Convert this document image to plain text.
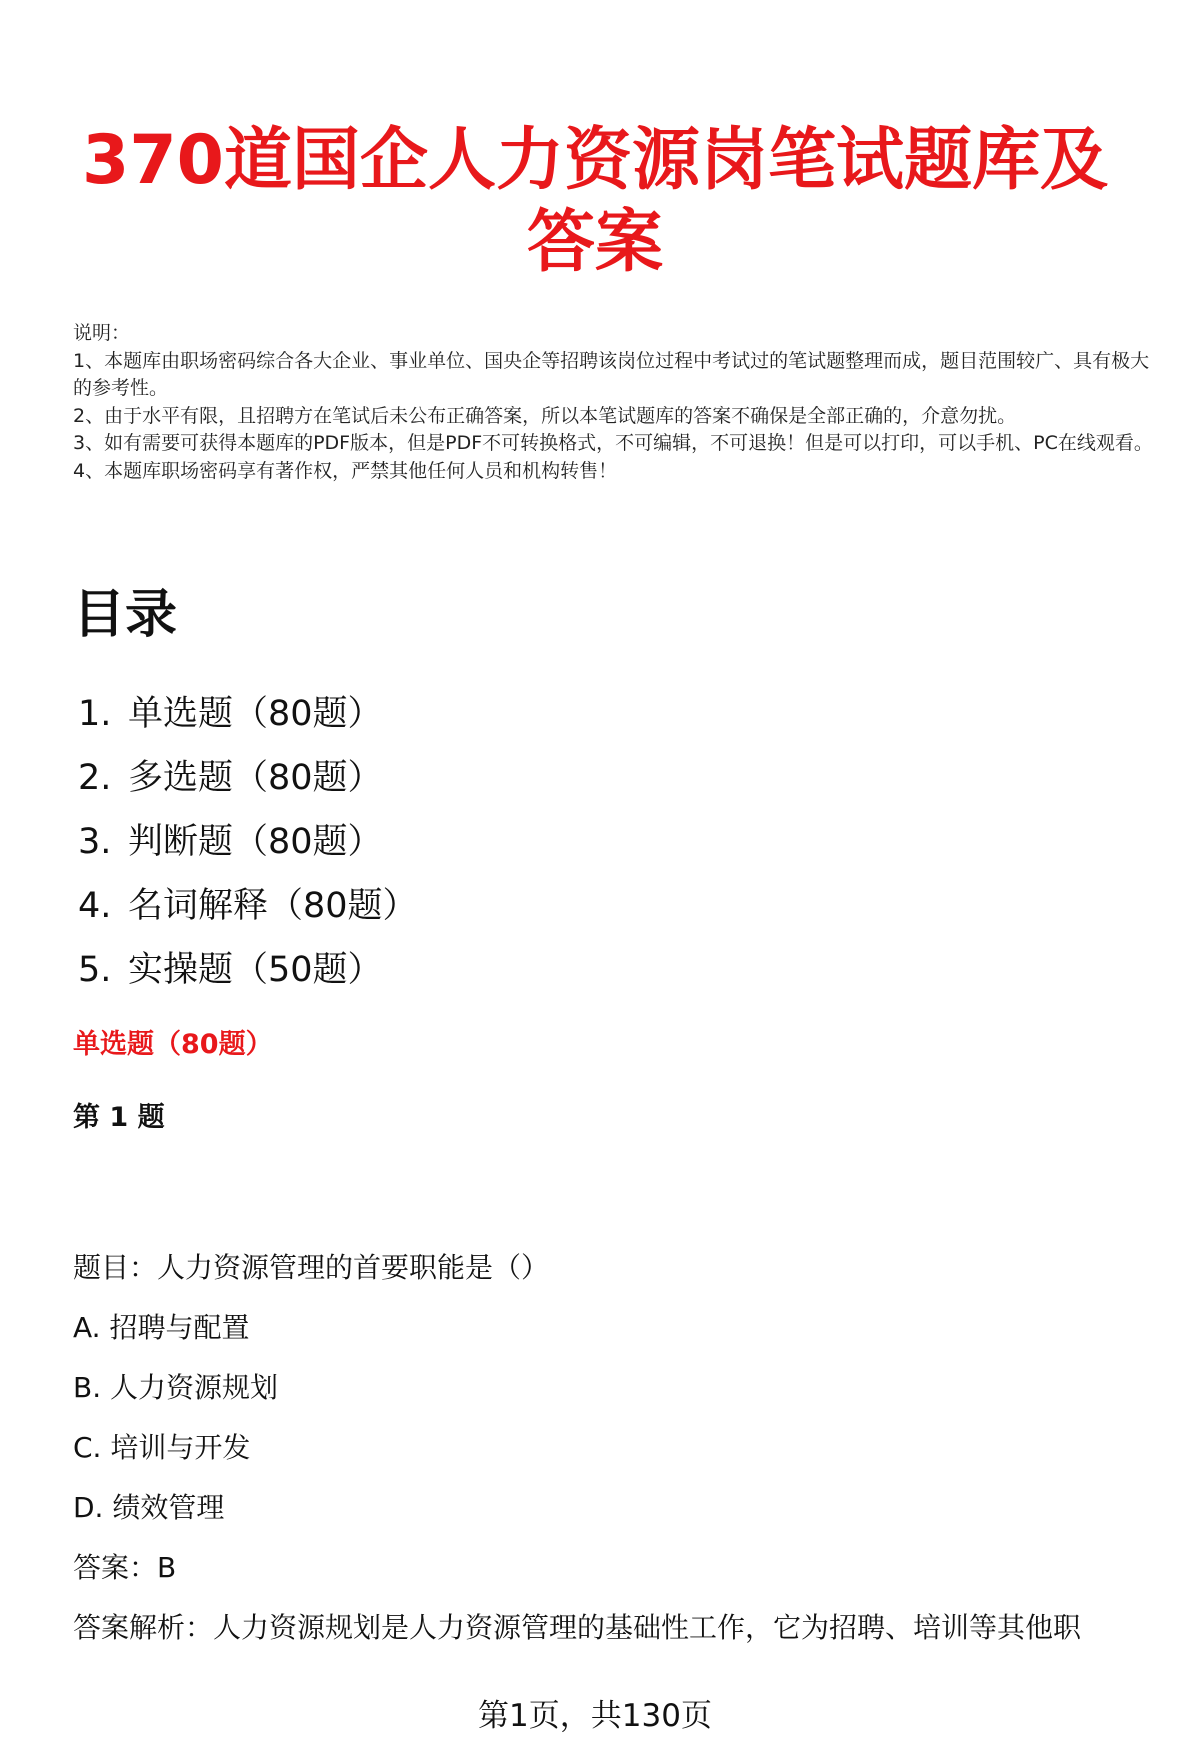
370道国企人力资源岗笔试题库及答案
说明：
1、本题库由职场密码综合各大企业、事业单位、国央企等招聘该岗位过程中考试过的笔试题整理而成，题目范围较广、具有极大的参考性。
2、由于水平有限，且招聘方在笔试后未公布正确答案，所以本笔试题库的答案不确保是全部正确的，介意勿扰。
3、如有需要可获得本题库的PDF版本，但是PDF不可转换格式，不可编辑，不可退换！但是可以打印，可以手机、PC在线观看。
4、本题库职场密码享有著作权，严禁其他任何人员和机构转售！
目录
1. 单选题（80题）
2. 多选题（80题）
3. 判断题（80题）
4. 名词解释（80题）
5. 实操题（50题）
单选题（80题）
第 1 题
题目：人力资源管理的首要职能是（）
A. 招聘与配置
B. 人力资源规划
C. 培训与开发
D. 绩效管理
答案：B
答案解析：人力资源规划是人力资源管理的基础性工作，它为招聘、培训等其他职
第1页，共130页
